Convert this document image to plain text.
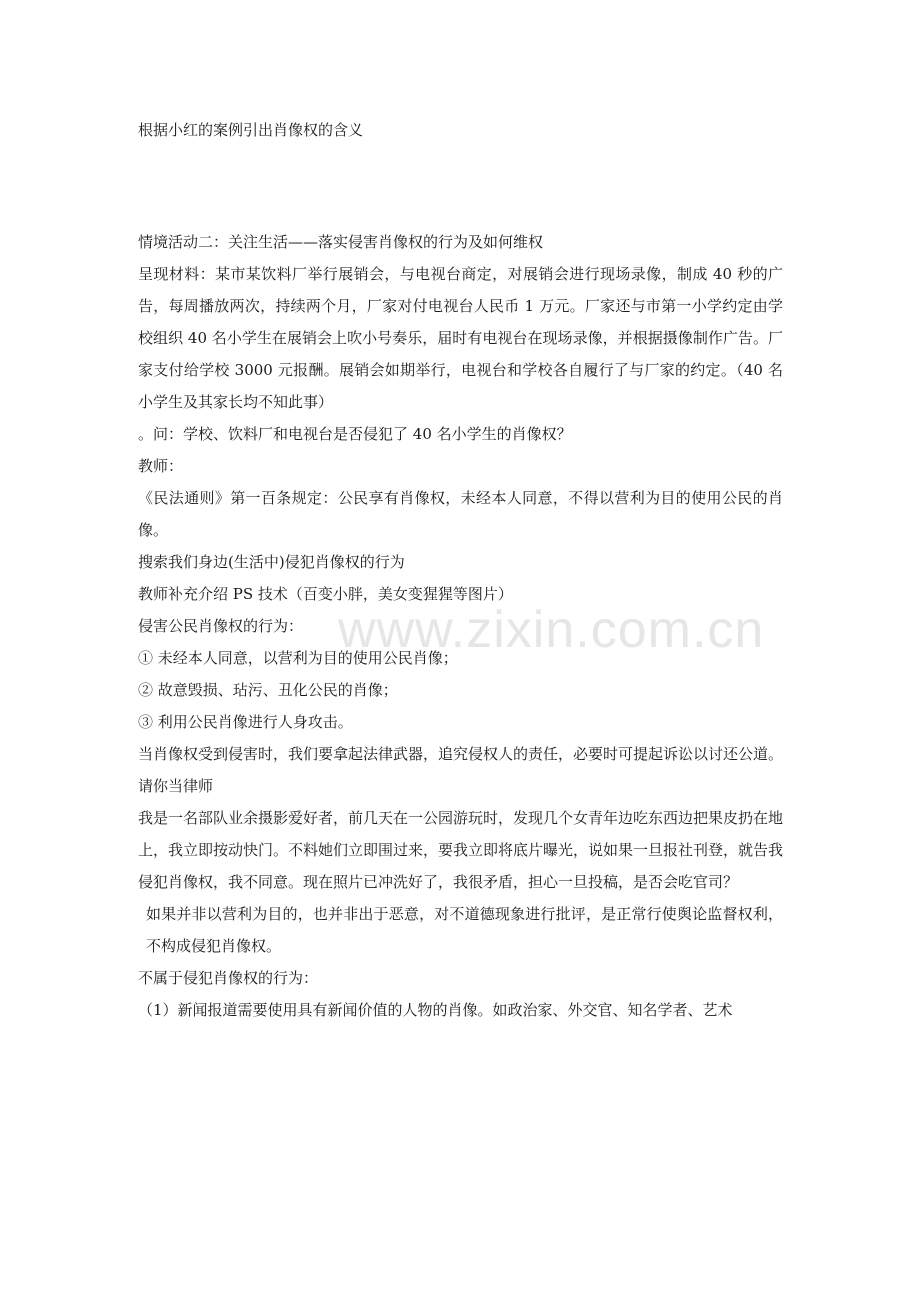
www.zixin.com.cn
根据小红的案例引出肖像权的含义

情境活动二：关注生活——落实侵害肖像权的行为及如何维权

呈现材料：某市某饮料厂举行展销会，与电视台商定，对展销会进行现场录像，制成 40 秒的广告，每周播放两次，持续两个月，厂家对付电视台人民币 1 万元。厂家还与市第一小学约定由学校组织 40 名小学生在展销会上吹小号奏乐，届时有电视台在现场录像，并根据摄像制作广告。厂家支付给学校 3000 元报酬。展销会如期举行，电视台和学校各自履行了与厂家的约定。（40 名小学生及其家长均不知此事）

。问：学校、饮料厂和电视台是否侵犯了 40 名小学生的肖像权？

教师：

《民法通则》第一百条规定：公民享有肖像权，未经本人同意，不得以营利为目的使用公民的肖像。

搜索我们身边(生活中)侵犯肖像权的行为

教师补充介绍 PS 技术（百变小胖，美女变猩猩等图片）

侵害公民肖像权的行为：

① 未经本人同意，以营利为目的使用公民肖像；

② 故意毁损、玷污、丑化公民的肖像；

③ 利用公民肖像进行人身攻击。

当肖像权受到侵害时，我们要拿起法律武器，追究侵权人的责任，必要时可提起诉讼以讨还公道。

请你当律师

我是一名部队业余摄影爱好者，前几天在一公园游玩时，发现几个女青年边吃东西边把果皮扔在地上，我立即按动快门。不料她们立即围过来，要我立即将底片曝光，说如果一旦报社刊登，就告我侵犯肖像权，我不同意。现在照片已冲洗好了，我很矛盾，担心一旦投稿，是否会吃官司？

如果并非以营利为目的，也并非出于恶意，对不道德现象进行批评，是正常行使舆论监督权利，不构成侵犯肖像权。

不属于侵犯肖像权的行为：

（1）新闻报道需要使用具有新闻价值的人物的肖像。如政治家、外交官、知名学者、艺术
